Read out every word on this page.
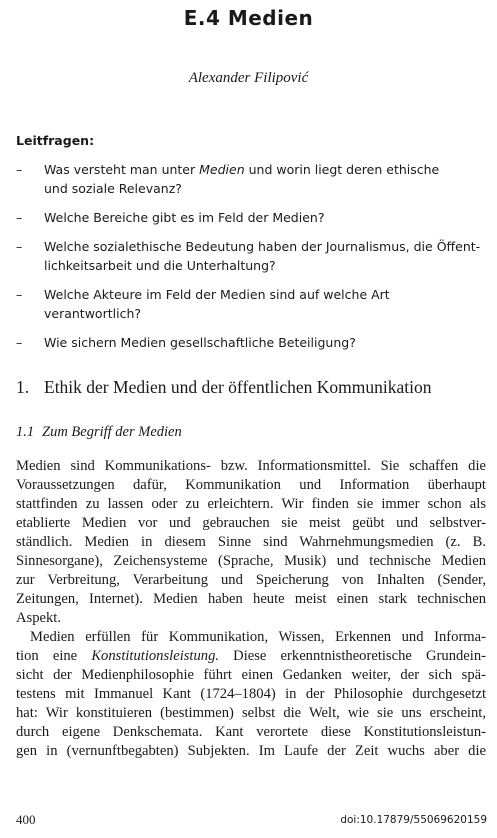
E.4 Medien
Alexander Filipović
Leitfragen:
– Was versteht man unter Medien und worin liegt deren ethische
und soziale Relevanz?
– Welche Bereiche gibt es im Feld der Medien?
– Welche sozialethische Bedeutung haben der Journalismus, die Öffent-
lichkeitsarbeit und die Unterhaltung?
– Welche Akteure im Feld der Medien sind auf welche Art verantwortlich?
– Wie sichern Medien gesellschaftliche Beteiligung?
1. Ethik der Medien und der öffentlichen Kommunikation
1.1 Zum Begriff der Medien
Medien sind Kommunikations- bzw. Informationsmittel. Sie schaffen die
Voraussetzungen dafür, Kommunikation und Information überhaupt
stattfinden zu lassen oder zu erleichtern. Wir finden sie immer schon als
etablierte Medien vor und gebrauchen sie meist geübt und selbstver-
ständlich. Medien in diesem Sinne sind Wahrnehmungsmedien (z. B.
Sinnesorgane), Zeichensysteme (Sprache, Musik) und technische Medien
zur Verbreitung, Verarbeitung und Speicherung von Inhalten (Sender,
Zeitungen, Internet). Medien haben heute meist einen stark technischen
Aspekt.
Medien erfüllen für Kommunikation, Wissen, Erkennen und Informa-
tion eine Konstitutionsleistung. Diese erkenntnistheoretische Grundein-
sicht der Medienphilosophie führt einen Gedanken weiter, der sich spä-
testens mit Immanuel Kant (1724–1804) in der Philosophie durchgesetzt
hat: Wir konstituieren (bestimmen) selbst die Welt, wie sie uns erscheint,
durch eigene Denkschemata. Kant verortete diese Konstitutionsleistun-
gen in (vernunftbegabten) Subjekten. Im Laufe der Zeit wuchs aber die
400	doi:10.17879/55069620159
